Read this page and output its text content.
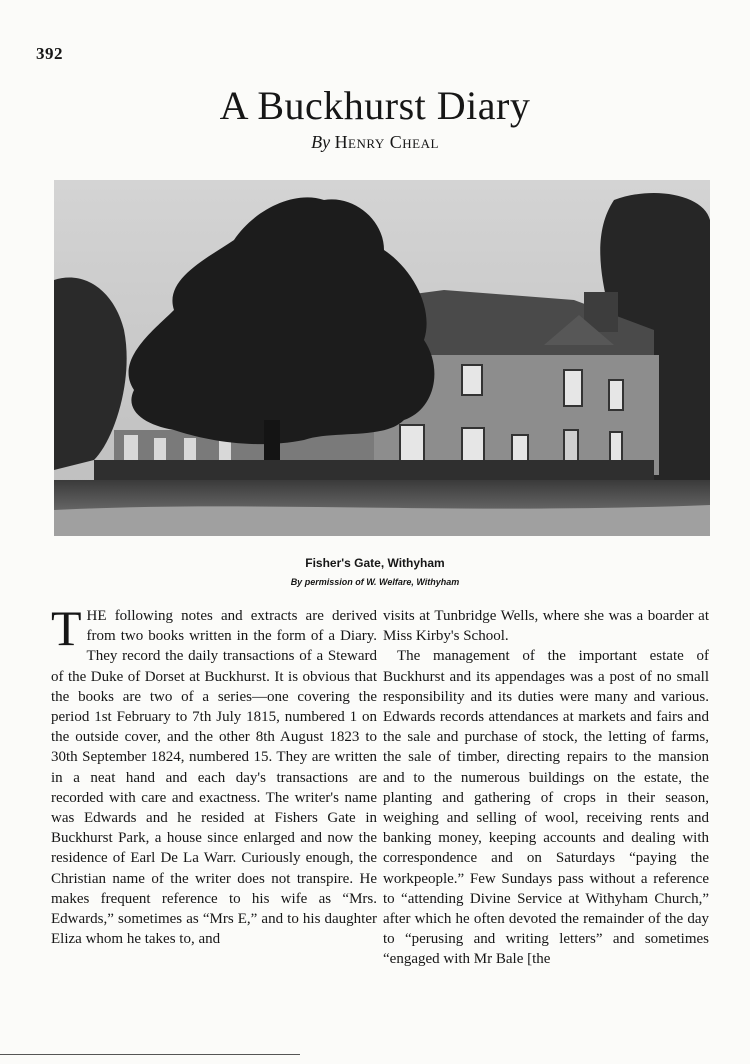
392
A Buckhurst Diary
By Henry Cheal
Fisher's Gate, Withyham
By permission of W. Welfare, Withyham
THE following notes and extracts are derived from two books written in the form of a Diary. They record the daily transactions of a Steward of the Duke of Dorset at Buckhurst. It is obvious that the books are two of a series—one covering the period 1st February to 7th July 1815, numbered 1 on the outside cover, and the other 8th August 1823 to 30th September 1824, numbered 15. They are written in a neat hand and each day's transactions are recorded with care and exactness. The writer's name was Edwards and he resided at Fishers Gate in Buckhurst Park, a house since enlarged and now the residence of Earl De La Warr. Curiously enough, the Christian name of the writer does not transpire. He makes frequent reference to his wife as “Mrs. Edwards,” sometimes as “Mrs E,” and to his daughter Eliza whom he takes to, and
visits at Tunbridge Wells, where she was a boarder at Miss Kirby's School.
The management of the important estate of Buckhurst and its appendages was a post of no small responsibility and its duties were many and various. Edwards records attendances at markets and fairs and the sale and purchase of stock, the letting of farms, the sale of timber, directing repairs to the mansion and to the numerous buildings on the estate, the planting and gathering of crops in their season, weighing and selling of wool, receiving rents and banking money, keeping accounts and dealing with correspondence and on Saturdays “paying the workpeople.” Few Sundays pass without a reference to “attending Divine Service at Withyham Church,” after which he often devoted the remainder of the day to “perusing and writing letters” and sometimes “engaged with Mr Bale [the
